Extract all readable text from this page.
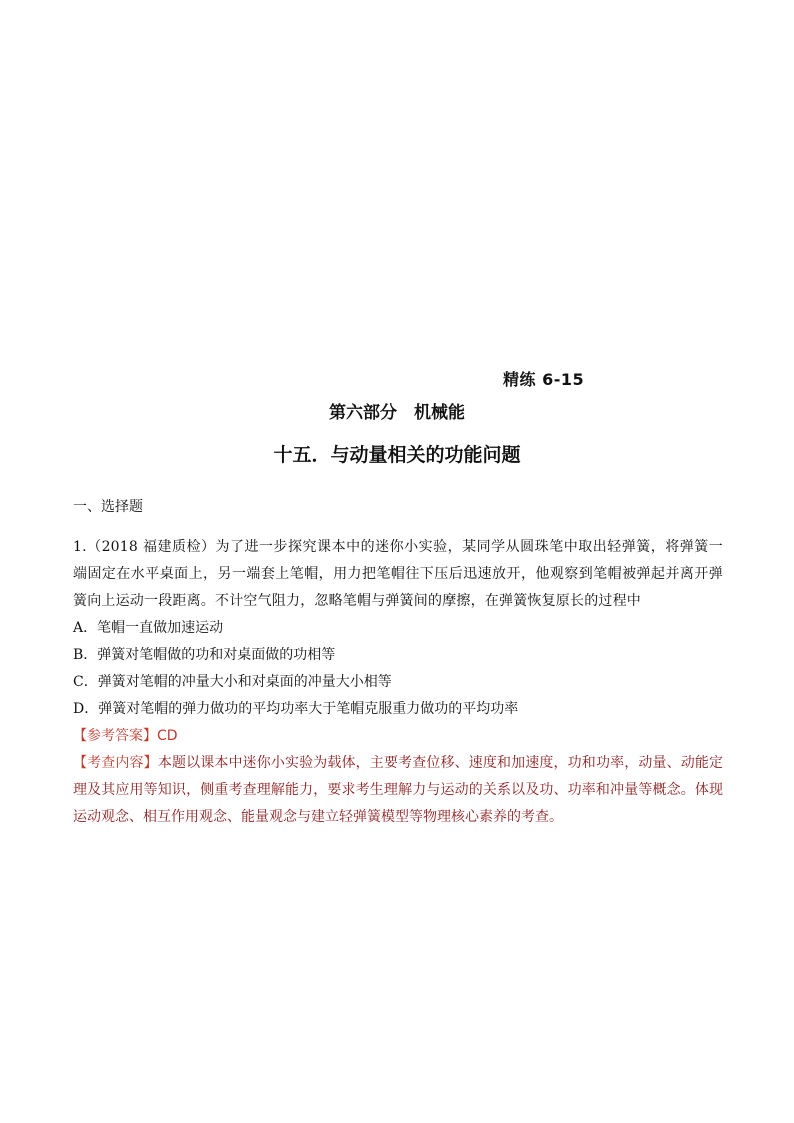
精练 6-15
第六部分　机械能
十五．与动量相关的功能问题
一、选择题

1.（2018 福建质检）为了进一步探究课本中的迷你小实验，某同学从圆珠笔中取出轻弹簧，将弹簧一端固定在水平桌面上，另一端套上笔帽，用力把笔帽往下压后迅速放开，他观察到笔帽被弹起并离开弹簧向上运动一段距离。不计空气阻力，忽略笔帽与弹簧间的摩擦，在弹簧恢复原长的过程中

A．笔帽一直做加速运动

B．弹簧对笔帽做的功和对桌面做的功相等

C．弹簧对笔帽的冲量大小和对桌面的冲量大小相等

D．弹簧对笔帽的弹力做功的平均功率大于笔帽克服重力做功的平均功率

【参考答案】CD

【考查内容】本题以课本中迷你小实验为载体，主要考查位移、速度和加速度，功和功率，动量、动能定理及其应用等知识，侧重考查理解能力，要求考生理解力与运动的关系以及功、功率和冲量等概念。体现运动观念、相互作用观念、能量观念与建立轻弹簧模型等物理核心素养的考查。
